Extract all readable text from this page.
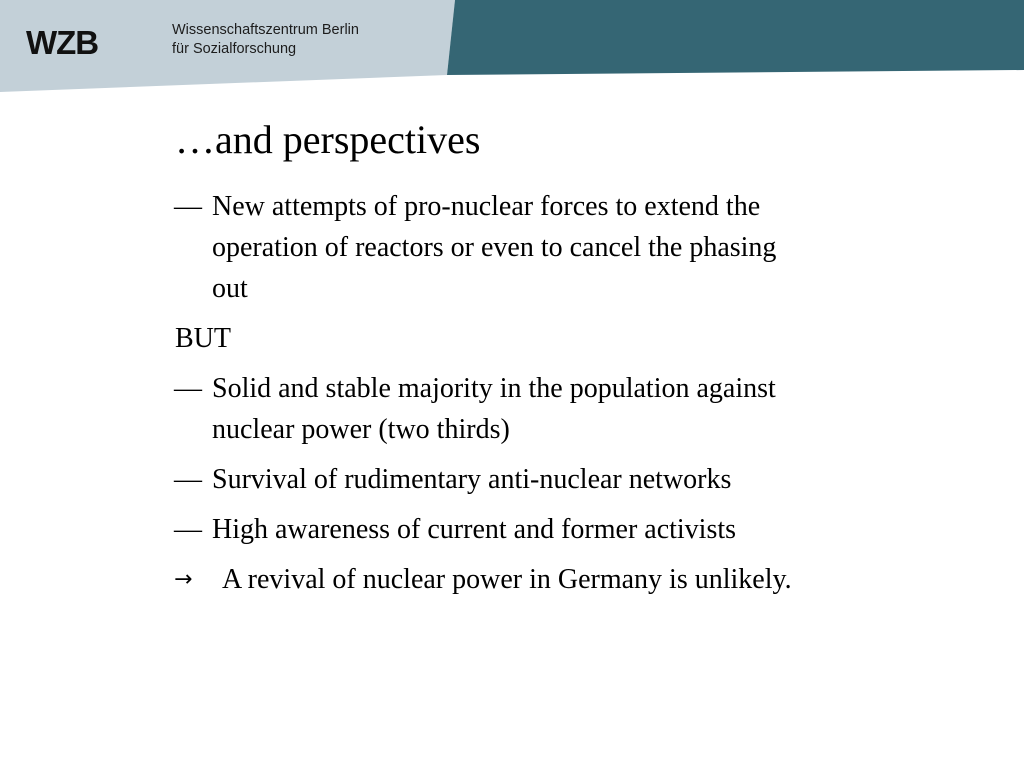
WZB	Wissenschaftszentrum Berlin
für Sozialforschung
…and perspectives
— New attempts of pro-nuclear forces to extend the operation of reactors or even to cancel the phasing out
BUT
— Solid and stable majority in the population against nuclear power (two thirds)
— Survival of rudimentary anti-nuclear networks
— High awareness of current and former activists
→ A revival of nuclear power in Germany is unlikely.
